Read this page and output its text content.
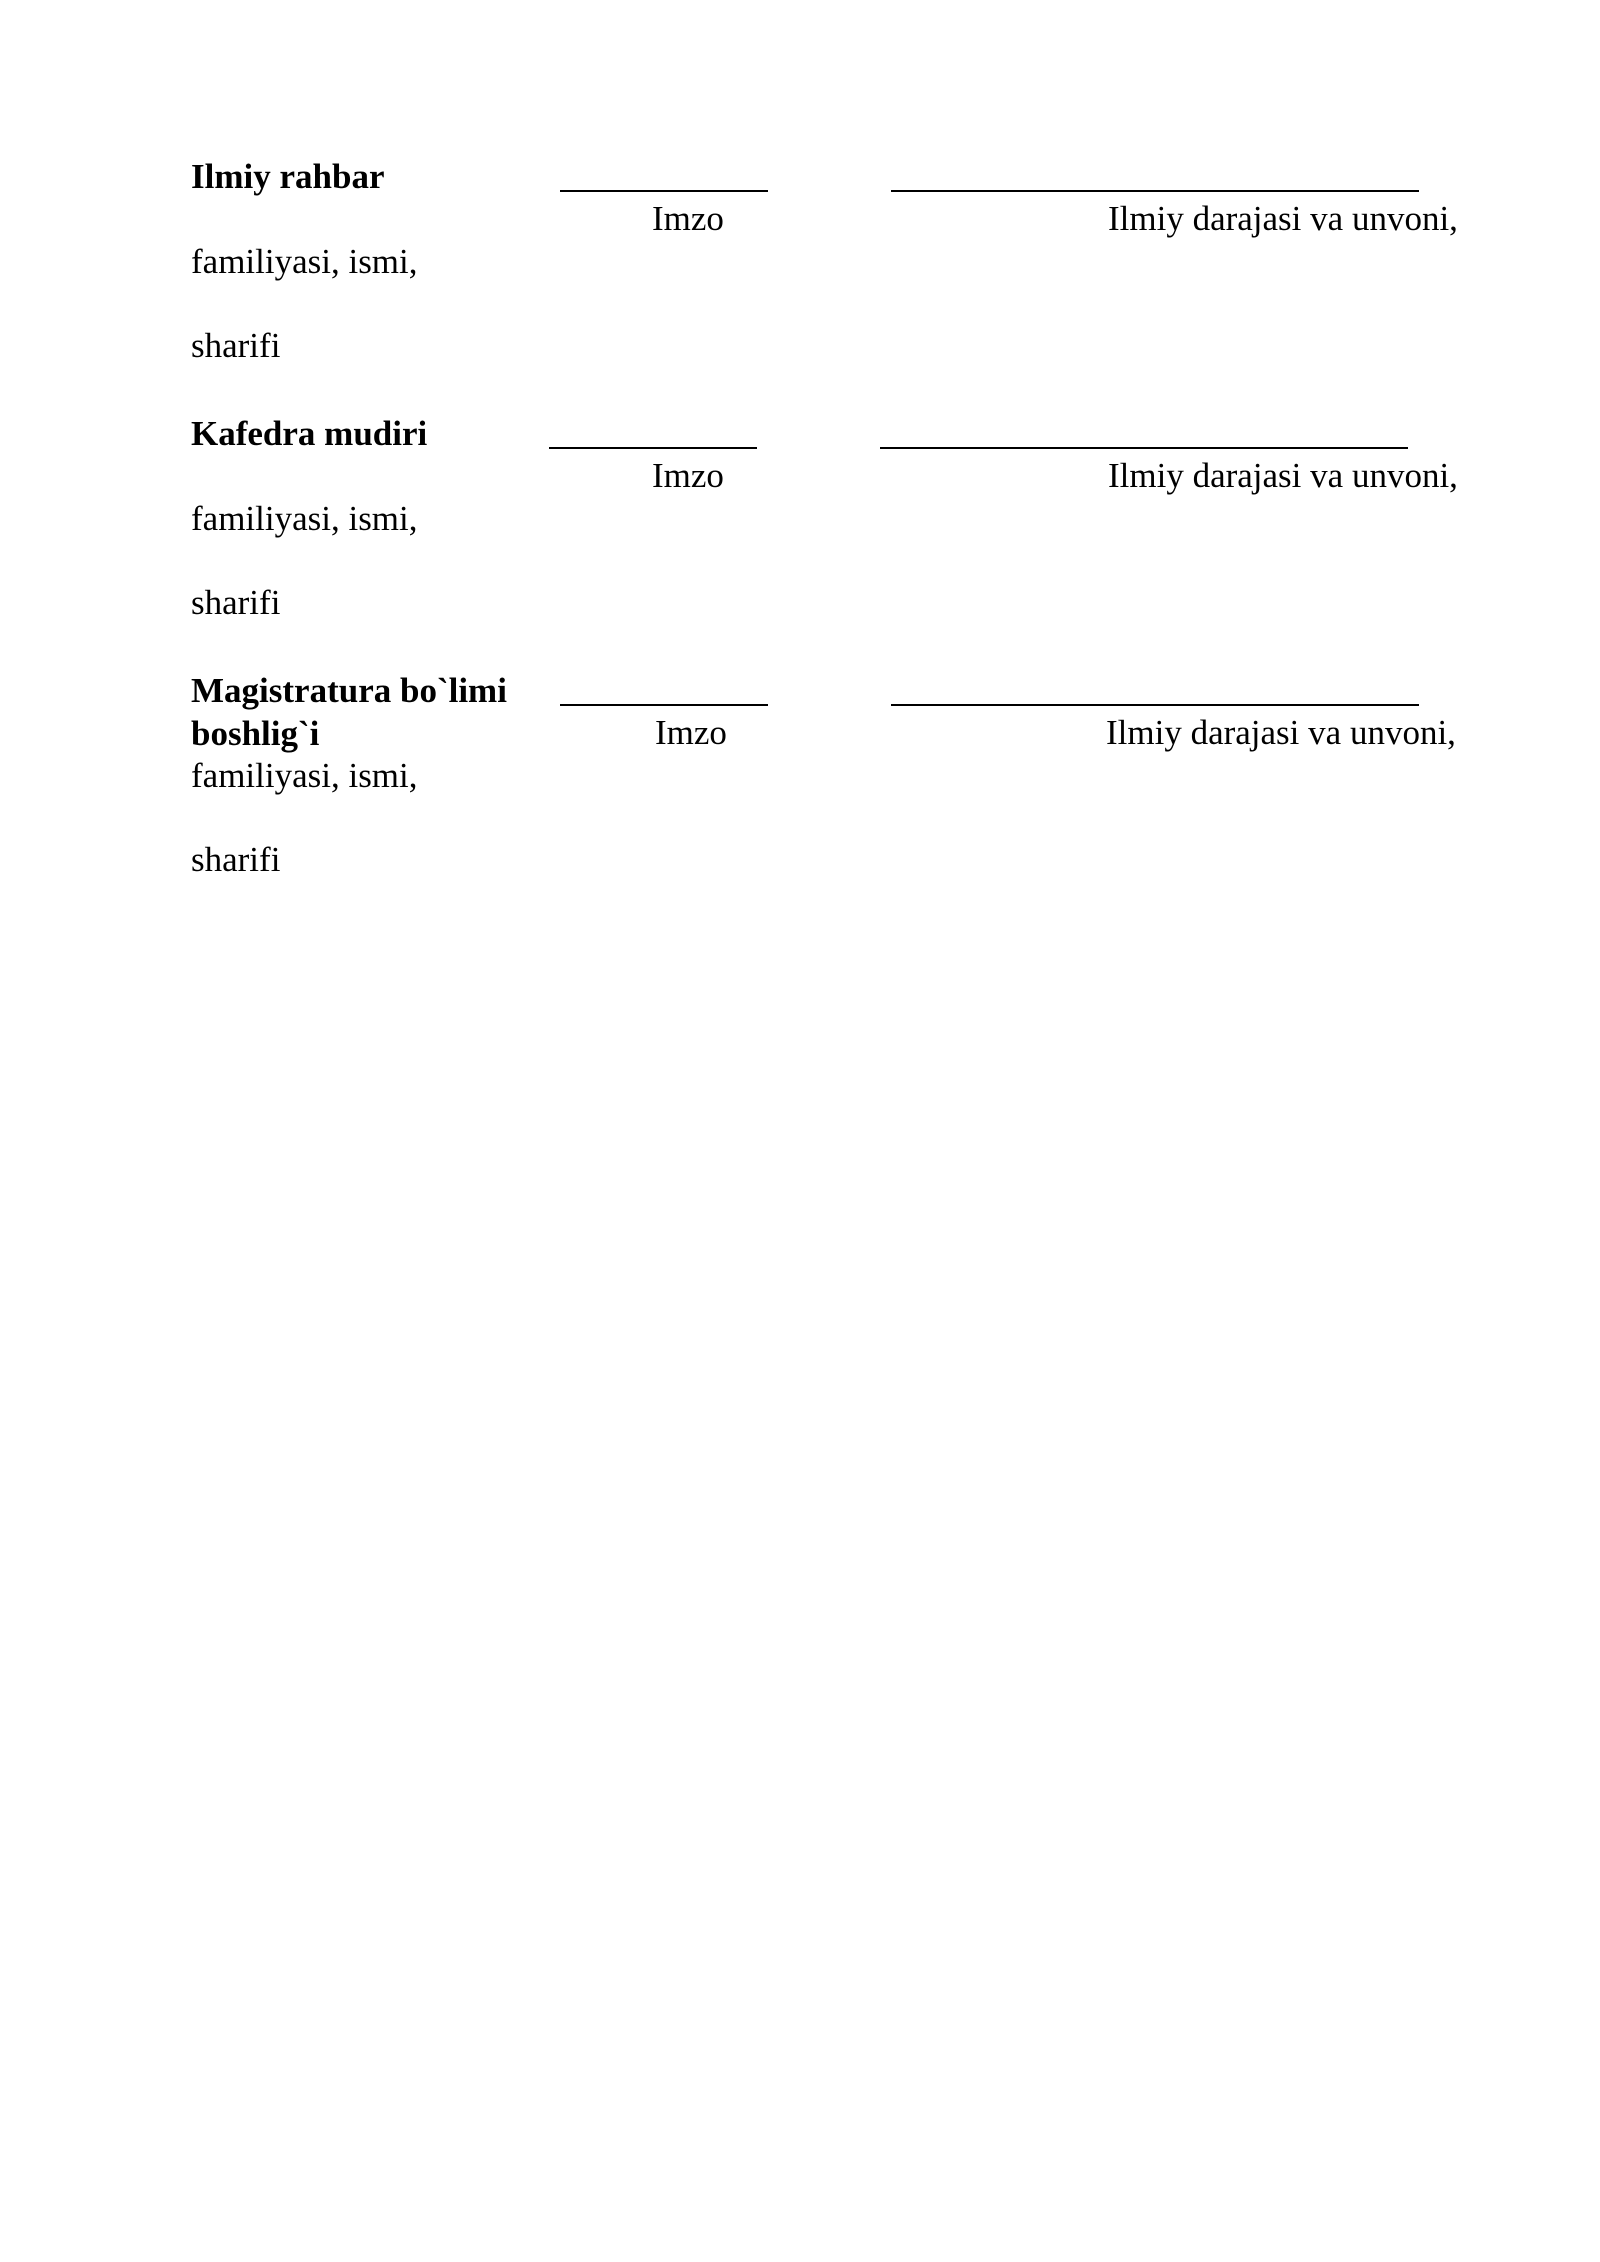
Ilmiy rahbar
Imzo	Ilmiy darajasi va unvoni,
familiyasi, ismi,
sharifi
Kafedra mudiri
Imzo	Ilmiy darajasi va unvoni,
familiyasi, ismi,
sharifi
Magistratura bo`limi boshlig`i	Imzo	Ilmiy darajasi va unvoni,
familiyasi, ismi,
sharifi
